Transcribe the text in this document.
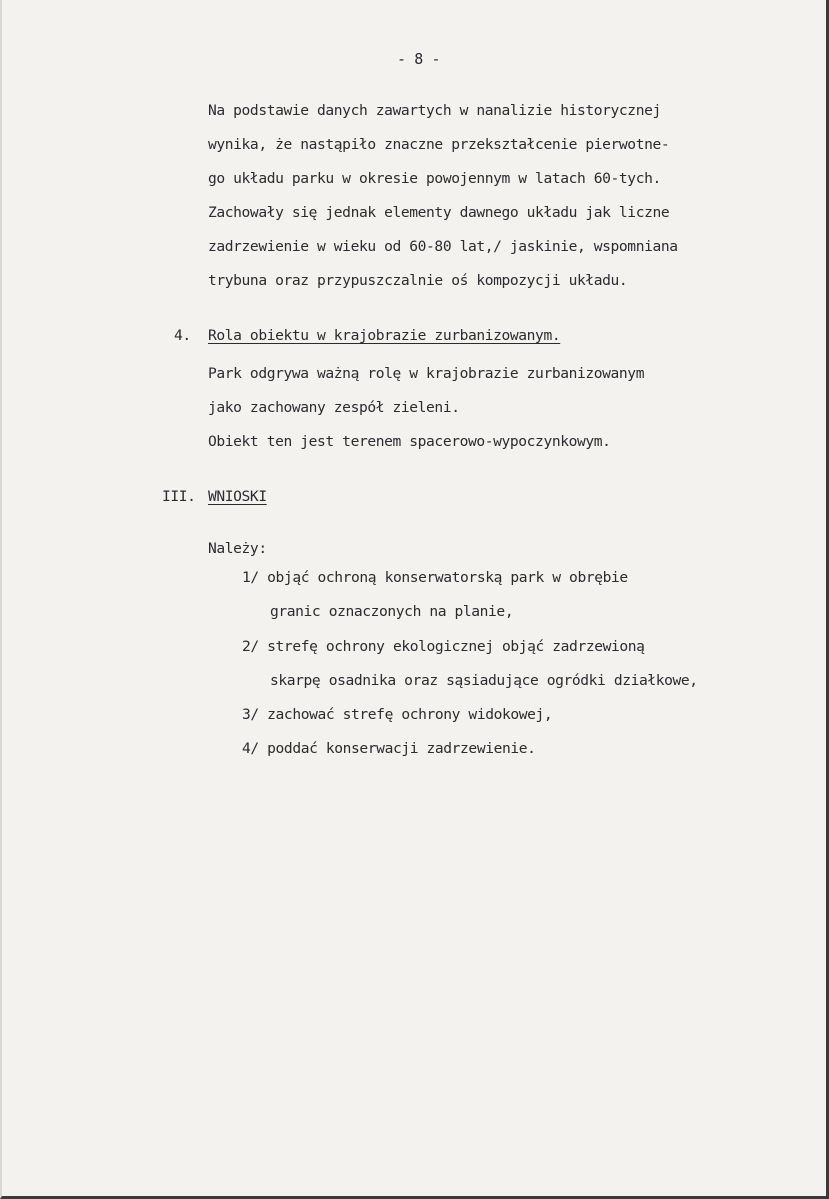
- 8 -
Na podstawie danych zawartych w nanalizie historycznej
wynika, że nastąpiło znaczne przekształcenie pierwotne-
go układu parku w okresie powojennym w latach 60-tych.
Zachowały się jednak elementy dawnego układu jak liczne
zadrzewienie w wieku od 60-80 lat,/ jaskinie, wspomniana
trybuna oraz przypuszczalnie oś kompozycji układu.
4. Rola obiektu w krajobrazie zurbanizowanym.
Park odgrywa ważną rolę w krajobrazie zurbanizowanym
jako zachowany zespół zieleni.
Obiekt ten jest terenem spacerowo-wypoczynkowym.
III. WNIOSKI
Należy:
1/ objąć ochroną konserwatorską park w obrębie
granic oznaczonych na planie,
2/ strefę ochrony ekologicznej objąć zadrzewioną
skarpę osadnika oraz sąsiadujące ogródki działkowe,
3/ zachować strefę ochrony widokowej,
4/ poddać konserwacji zadrzewienie.
